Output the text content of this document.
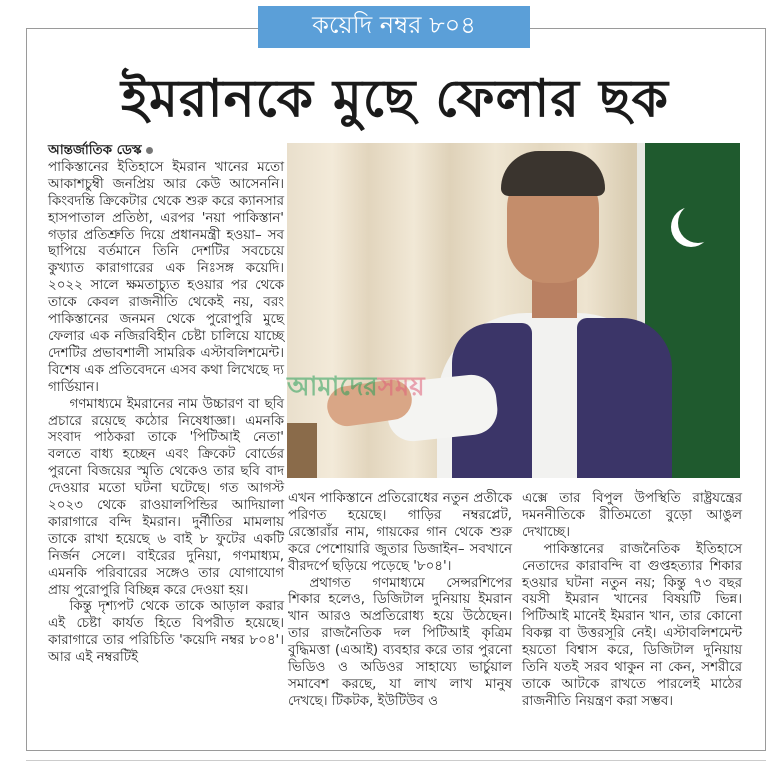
কয়েদি নম্বর ৮০৪
ইমরানকে মুছে ফেলার ছক

আন্তর্জাতিক ডেস্ক

পাকিস্তানের ইতিহাসে ইমরান খানের মতো আকাশচুম্বী জনপ্রিয় আর কেউ আসেননি। কিংবদন্তি ক্রিকেটার থেকে শুরু করে ক্যানসার হাসপাতাল প্রতিষ্ঠা, এরপর 'নয়া পাকিস্তান' গড়ার প্রতিশ্রুতি দিয়ে প্রধানমন্ত্রী হওয়া– সব ছাপিয়ে বর্তমানে তিনি দেশটির সবচেয়ে কুখ্যাত কারাগারের এক নিঃসঙ্গ কয়েদি। ২০২২ সালে ক্ষমতাচ্যুত হওয়ার পর থেকে তাকে কেবল রাজনীতি থেকেই নয়, বরং পাকিস্তানের জনমন থেকে পুরোপুরি মুছে ফেলার এক নজিরবিহীন চেষ্টা চালিয়ে যাচ্ছে দেশটির প্রভাবশালী সামরিক এস্টাবলিশমেন্ট। বিশেষ এক প্রতিবেদনে এসব কথা লিখেছে দ্য গার্ডিয়ান।

গণমাধ্যমে ইমরানের নাম উচ্চারণ বা ছবি প্রচারে রয়েছে কঠোর নিষেধাজ্ঞা। এমনকি সংবাদ পাঠকরা তাকে 'পিটিআই নেতা' বলতে বাধ্য হচ্ছেন এবং ক্রিকেট বোর্ডের পুরনো বিজয়ের স্মৃতি থেকেও তার ছবি বাদ দেওয়ার মতো ঘটনা ঘটেছে। গত আগস্ট ২০২৩ থেকে রাওয়ালপিন্ডির আদিয়ালা কারাগারে বন্দি ইমরান। দুর্নীতির মামলায় তাকে রাখা হয়েছে ৬ বাই ৮ ফুটের একটি নির্জন সেলে। বাইরের দুনিয়া, গণমাধ্যম, এমনকি পরিবারের সঙ্গেও তার যোগাযোগ প্রায় পুরোপুরি বিচ্ছিন্ন করে দেওয়া হয়।

কিন্তু দৃশ্যপট থেকে তাকে আড়াল করার এই চেষ্টা কার্যত হিতে বিপরীত হয়েছে। কারাগারে তার পরিচিতি 'কয়েদি নম্বর ৮০৪'। আর এই নম্বরটিই

আমাদেরসময়

এখন পাকিস্তানে প্রতিরোধের নতুন প্রতীকে পরিণত হয়েছে। গাড়ির নম্বরপ্লেট, রেস্তোরাঁর নাম, গায়কের গান থেকে শুরু করে পেশোয়ারি জুতার ডিজাইন– সবখানে বীরদর্পে ছড়িয়ে পড়েছে '৮০৪'।

প্রথাগত গণমাধ্যমে সেন্সরশিপের শিকার হলেও, ডিজিটাল দুনিয়ায় ইমরান খান আরও অপ্রতিরোধ্য হয়ে উঠেছেন। তার রাজনৈতিক দল পিটিআই কৃত্রিম বুদ্ধিমত্তা (এআই) ব্যবহার করে তার পুরনো ভিডিও ও অডিওর সাহায্যে ভার্চুয়াল সমাবেশ করছে, যা লাখ লাখ মানুষ দেখছে। টিকটক, ইউটিউব ও

এক্সে তার বিপুল উপস্থিতি রাষ্ট্রযন্ত্রের দমননীতিকে রীতিমতো বুড়ো আঙুল দেখাচ্ছে।

পাকিস্তানের রাজনৈতিক ইতিহাসে নেতাদের কারাবন্দি বা গুপ্তহত্যার শিকার হওয়ার ঘটনা নতুন নয়; কিন্তু ৭৩ বছর বয়সী ইমরান খানের বিষয়টি ভিন্ন। পিটিআই মানেই ইমরান খান, তার কোনো বিকল্প বা উত্তরসূরি নেই। এস্টাবলিশমেন্ট হয়তো বিশ্বাস করে, ডিজিটাল দুনিয়ায় তিনি যতই সরব থাকুন না কেন, সশরীরে তাকে আটকে রাখতে পারলেই মাঠের রাজনীতি নিয়ন্ত্রণ করা সম্ভব।
